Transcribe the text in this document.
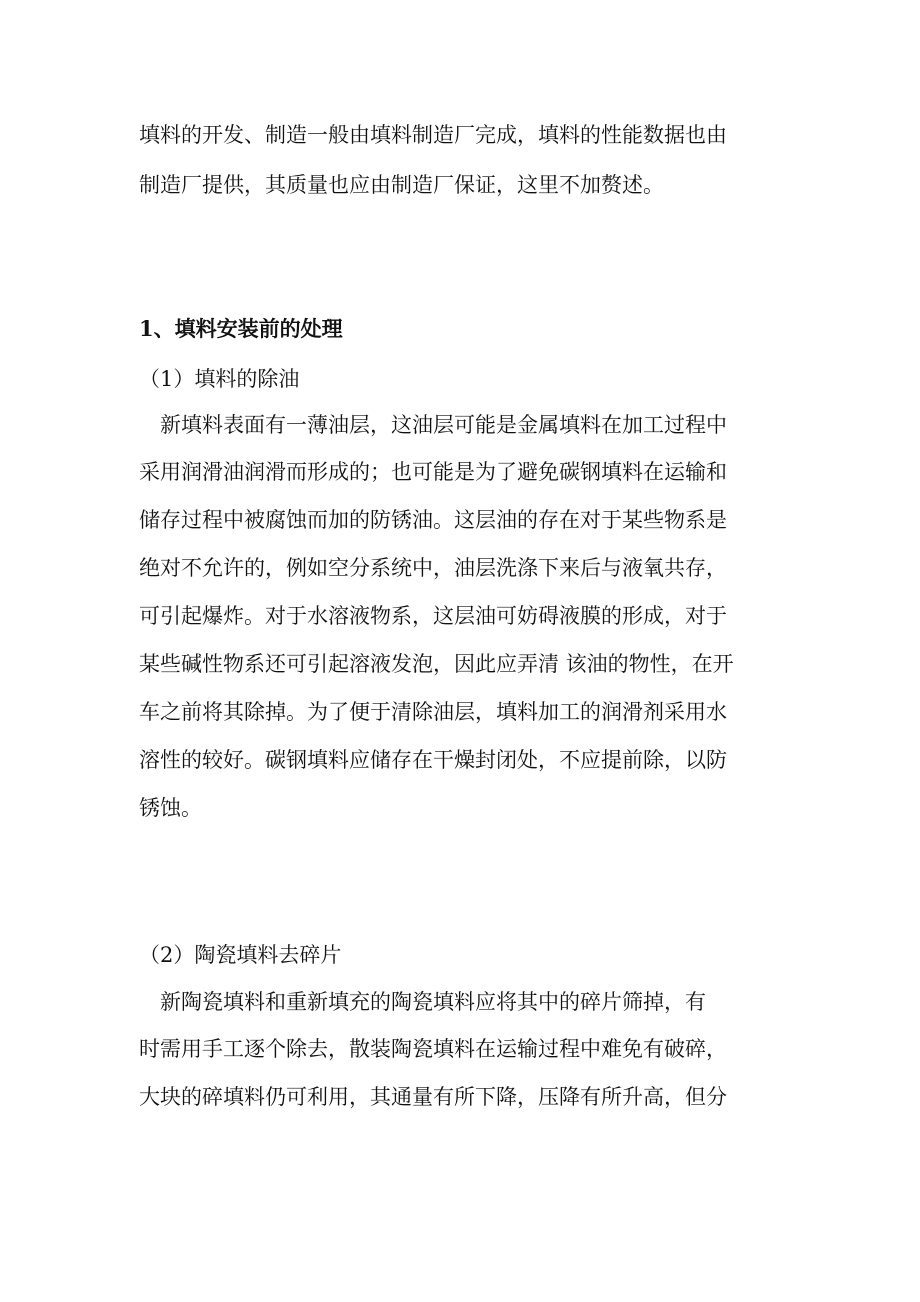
填料的开发、制造一般由填料制造厂完成，填料的性能数据也由
制造厂提供，其质量也应由制造厂保证，这里不加赘述。
1、填料安装前的处理
（1）填料的除油
　新填料表面有一薄油层，这油层可能是金属填料在加工过程中
采用润滑油润滑而形成的；也可能是为了避免碳钢填料在运输和
储存过程中被腐蚀而加的防锈油。这层油的存在对于某些物系是
绝对不允许的，例如空分系统中，油层洗涤下来后与液氧共存，
可引起爆炸。对于水溶液物系，这层油可妨碍液膜的形成，对于
某些碱性物系还可引起溶液发泡，因此应弄清 该油的物性，在开
车之前将其除掉。为了便于清除油层，填料加工的润滑剂采用水
溶性的较好。碳钢填料应储存在干燥封闭处，不应提前除，以防
锈蚀。
（2）陶瓷填料去碎片
　新陶瓷填料和重新填充的陶瓷填料应将其中的碎片筛掉，有
时需用手工逐个除去，散装陶瓷填料在运输过程中难免有破碎，
大块的碎填料仍可利用，其通量有所下降，压降有所升高，但分
